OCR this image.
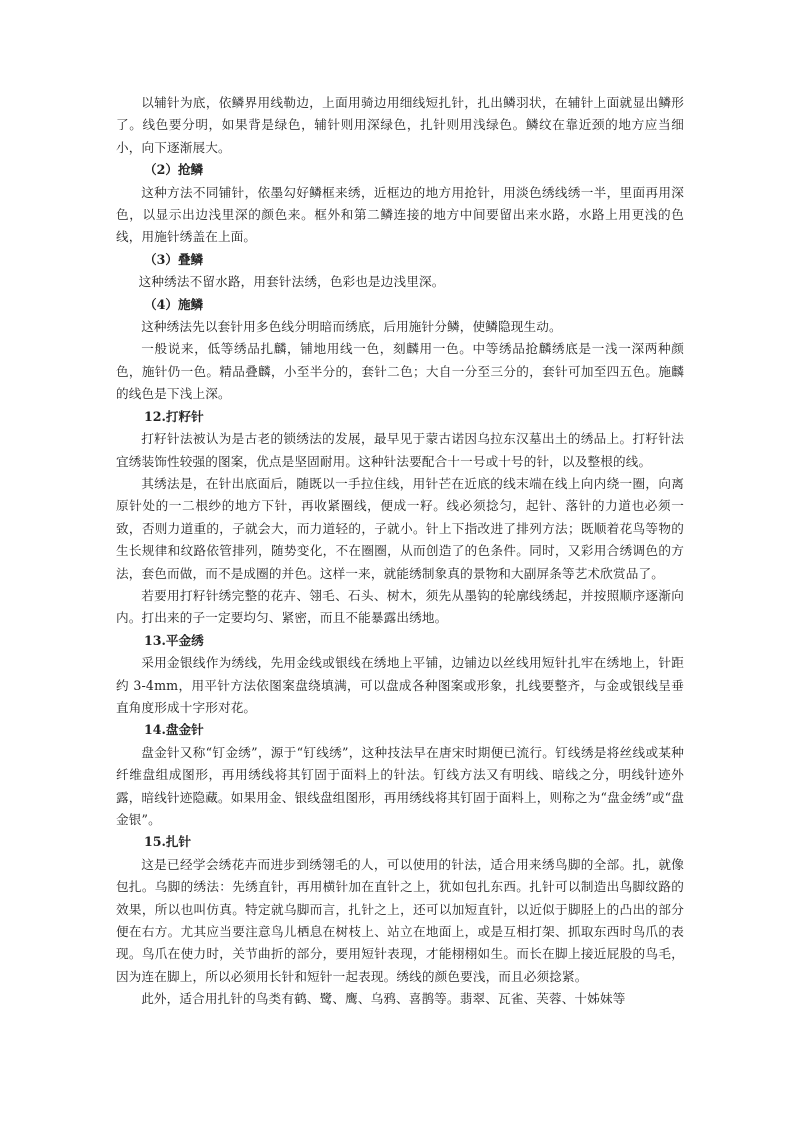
以辅针为底，依鳞界用线勒边，上面用骑边用细线短扎针，扎出鳞羽状，在辅针上面就显出鳞形了。线色要分明，如果背是绿色，辅针则用深绿色，扎针则用浅绿色。鳞纹在靠近颈的地方应当细小，向下逐渐展大。

（2）抢鳞

这种方法不同铺针，依墨勾好鳞框来绣，近框边的地方用抢针，用淡色绣线绣一半，里面再用深色，以显示出边浅里深的颜色来。框外和第二鳞连接的地方中间要留出来水路，水路上用更浅的色线，用施针绣盖在上面。

（3）叠鳞

这种绣法不留水路，用套针法绣，色彩也是边浅里深。

（4）施鳞

这种绣法先以套针用多色线分明暗而绣底，后用施针分鳞，使鳞隐现生动。

一般说来，低等绣品扎麟，铺地用线一色，刻麟用一色。中等绣品抢麟绣底是一浅一深两种颜色，施针仍一色。精品叠麟，小至半分的，套针二色；大自一分至三分的，套针可加至四五色。施麟的线色是下浅上深。

12.打籽针

打籽针法被认为是古老的锁绣法的发展，最早见于蒙古诺因乌拉东汉墓出土的绣品上。打籽针法宜绣装饰性较强的图案，优点是坚固耐用。这种针法要配合十一号或十号的针，以及整根的线。

其绣法是，在针出底面后，随既以一手拉住线，用针芒在近底的线末端在线上向内绕一圈，向离原针处的一二根纱的地方下针，再收紧圈线，便成一籽。线必须捻匀，起针、落针的力道也必须一致，否则力道重的，子就会大，而力道轻的，子就小。针上下指改进了排列方法；既顺着花鸟等物的生长规律和纹路依管排列，随势变化，不在圈圈，从而创造了的色条件。同时，又彩用合绣调色的方法，套色而做，而不是成圈的并色。这样一来，就能绣制象真的景物和大副屏条等艺术欣赏品了。

若要用打籽针绣完整的花卉、翎毛、石头、树木，须先从墨钩的轮廓线绣起，并按照顺序逐渐向内。打出来的子一定要均匀、紧密，而且不能暴露出绣地。

13.平金绣

采用金银线作为绣线，先用金线或银线在绣地上平铺，边铺边以丝线用短针扎牢在绣地上，针距约 3-4mm，用平针方法依图案盘绕填满，可以盘成各种图案或形象，扎线要整齐，与金或银线呈垂直角度形成十字形对花。

14.盘金针

盘金针又称“钉金绣”，源于“钉线绣”，这种技法早在唐宋时期便已流行。钉线绣是将丝线或某种纤维盘组成图形，再用绣线将其钉固于面料上的针法。钉线方法又有明线、暗线之分，明线针迹外露，暗线针迹隐藏。如果用金、银线盘组图形，再用绣线将其钉固于面料上，则称之为“盘金绣”或“盘金银”。

15.扎针

这是已经学会绣花卉而进步到绣翎毛的人，可以使用的针法，适合用来绣鸟脚的全部。扎，就像包扎。乌脚的绣法：先绣直针，再用横针加在直针之上，犹如包扎东西。扎针可以制造出鸟脚纹路的效果，所以也叫仿真。特定就乌脚而言，扎针之上，还可以加短直针，以近似于脚胫上的凸出的部分便在右方。尤其应当要注意鸟儿栖息在树枝上、站立在地面上，或是互相打架、抓取东西时鸟爪的表现。鸟爪在使力时，关节曲折的部分，要用短针表现，才能栩栩如生。而长在脚上接近屁股的鸟毛，因为连在脚上，所以必须用长针和短针一起表现。绣线的颜色要浅，而且必须捻紧。

此外，适合用扎针的鸟类有鹤、鹭、鹰、乌鸦、喜鹊等。翡翠、瓦雀、芙蓉、十姊妹等
